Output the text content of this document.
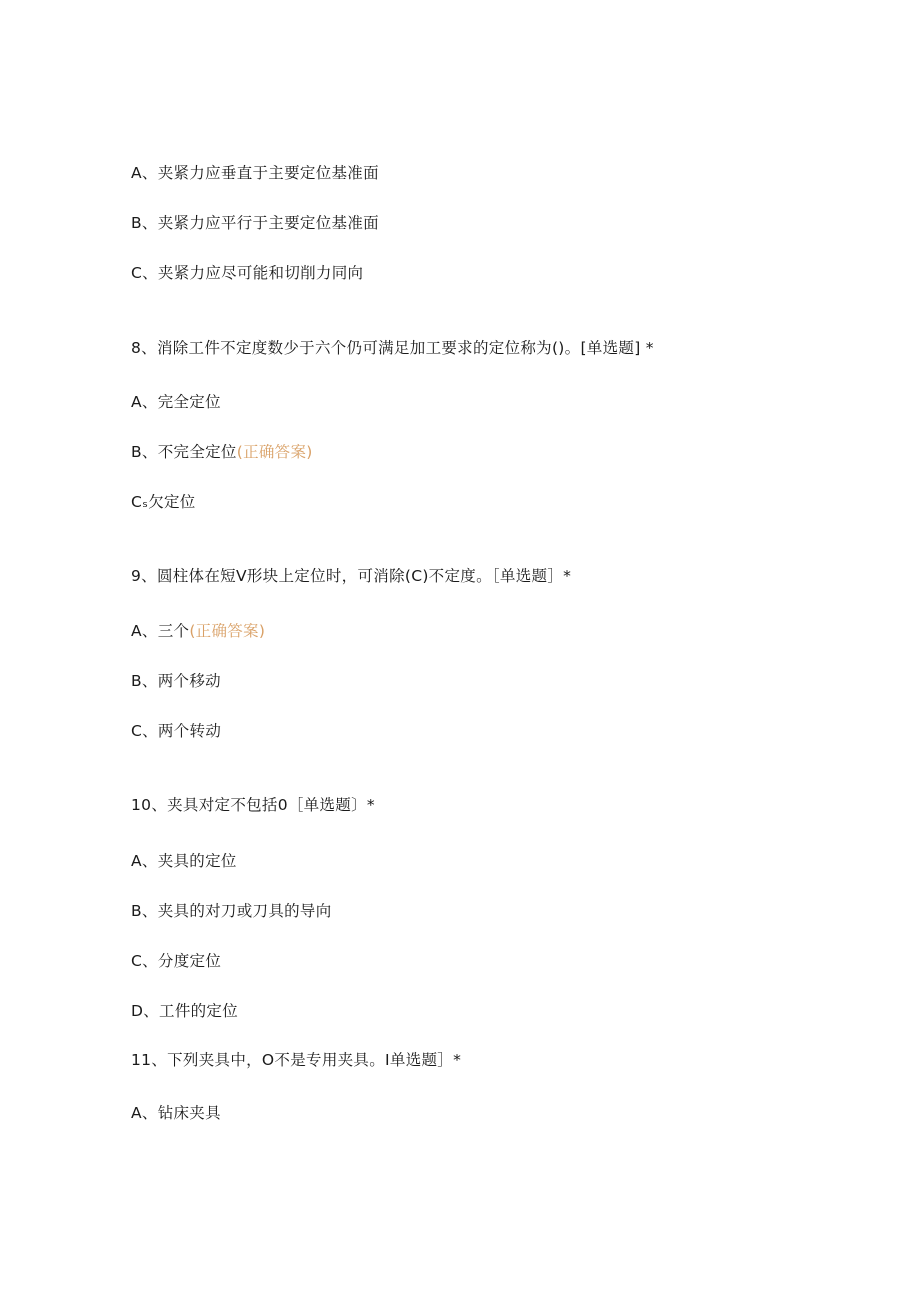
A、夹紧力应垂直于主要定位基准面
B、夹紧力应平行于主要定位基准面
C、夹紧力应尽可能和切削力同向
8、消除工件不定度数少于六个仍可满足加工要求的定位称为()。[单选题] *
A、完全定位
B、不完全定位(正确答案)
Cₛ欠定位
9、圆柱体在短V形块上定位时，可消除(C)不定度。［单选题］*
A、三个(正确答案)
B、两个移动
C、两个转动
10、夹具对定不包括0［单选题〕*
A、夹具的定位
B、夹具的对刀或刀具的导向
C、分度定位
D、工件的定位
11、下列夹具中，O不是专用夹具。I单选题］*
A、钻床夹具
